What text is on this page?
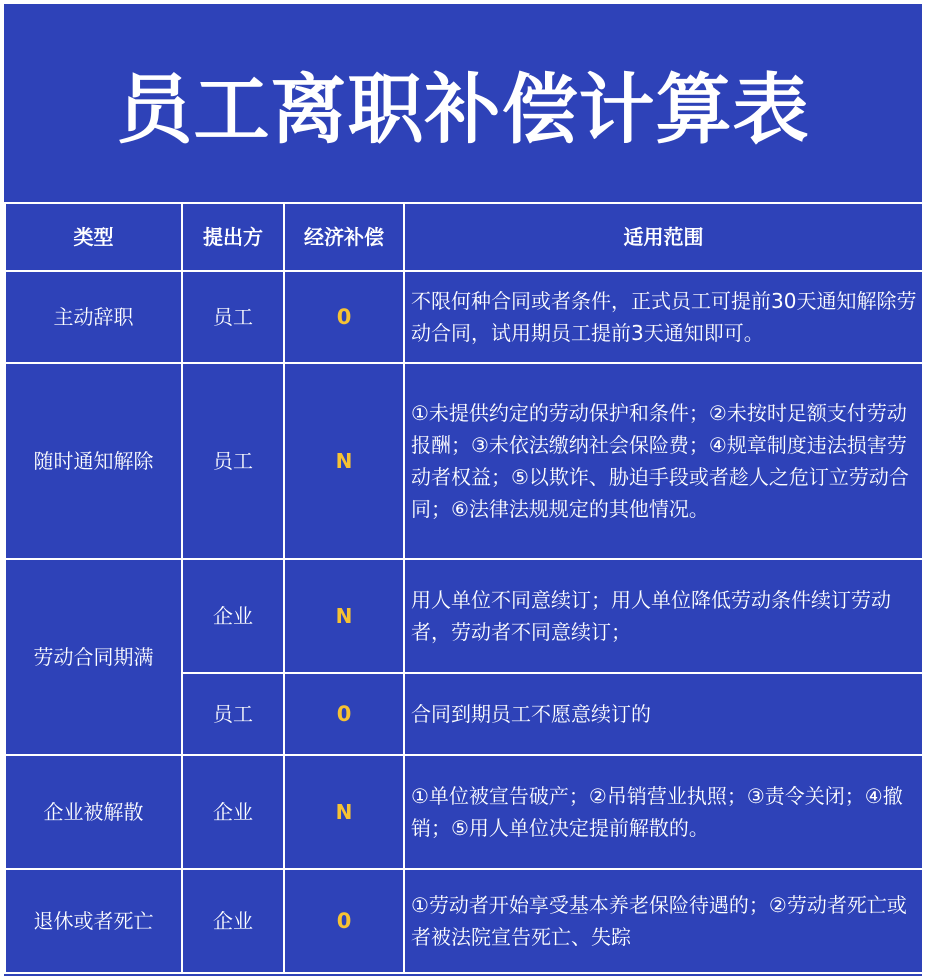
员工离职补偿计算表
类型	提出方	经济补偿	适用范围
主动辞职	员工	0	不限何种合同或者条件，正式员工可提前30天通知解除劳动合同，试用期员工提前3天通知即可。
随时通知解除	员工	N	①未提供约定的劳动保护和条件；②未按时足额支付劳动报酬；③未依法缴纳社会保险费；④规章制度违法损害劳动者权益；⑤以欺诈、胁迫手段或者趁人之危订立劳动合同；⑥法律法规规定的其他情况。
劳动合同期满	企业	N	用人单位不同意续订；用人单位降低劳动条件续订劳动者，劳动者不同意续订；
	员工	0	合同到期员工不愿意续订的
企业被解散	企业	N	①单位被宣告破产；②吊销营业执照；③责令关闭；④撤销；⑤用人单位决定提前解散的。
退休或者死亡	企业	0	①劳动者开始享受基本养老保险待遇的；②劳动者死亡或者被法院宣告死亡、失踪
